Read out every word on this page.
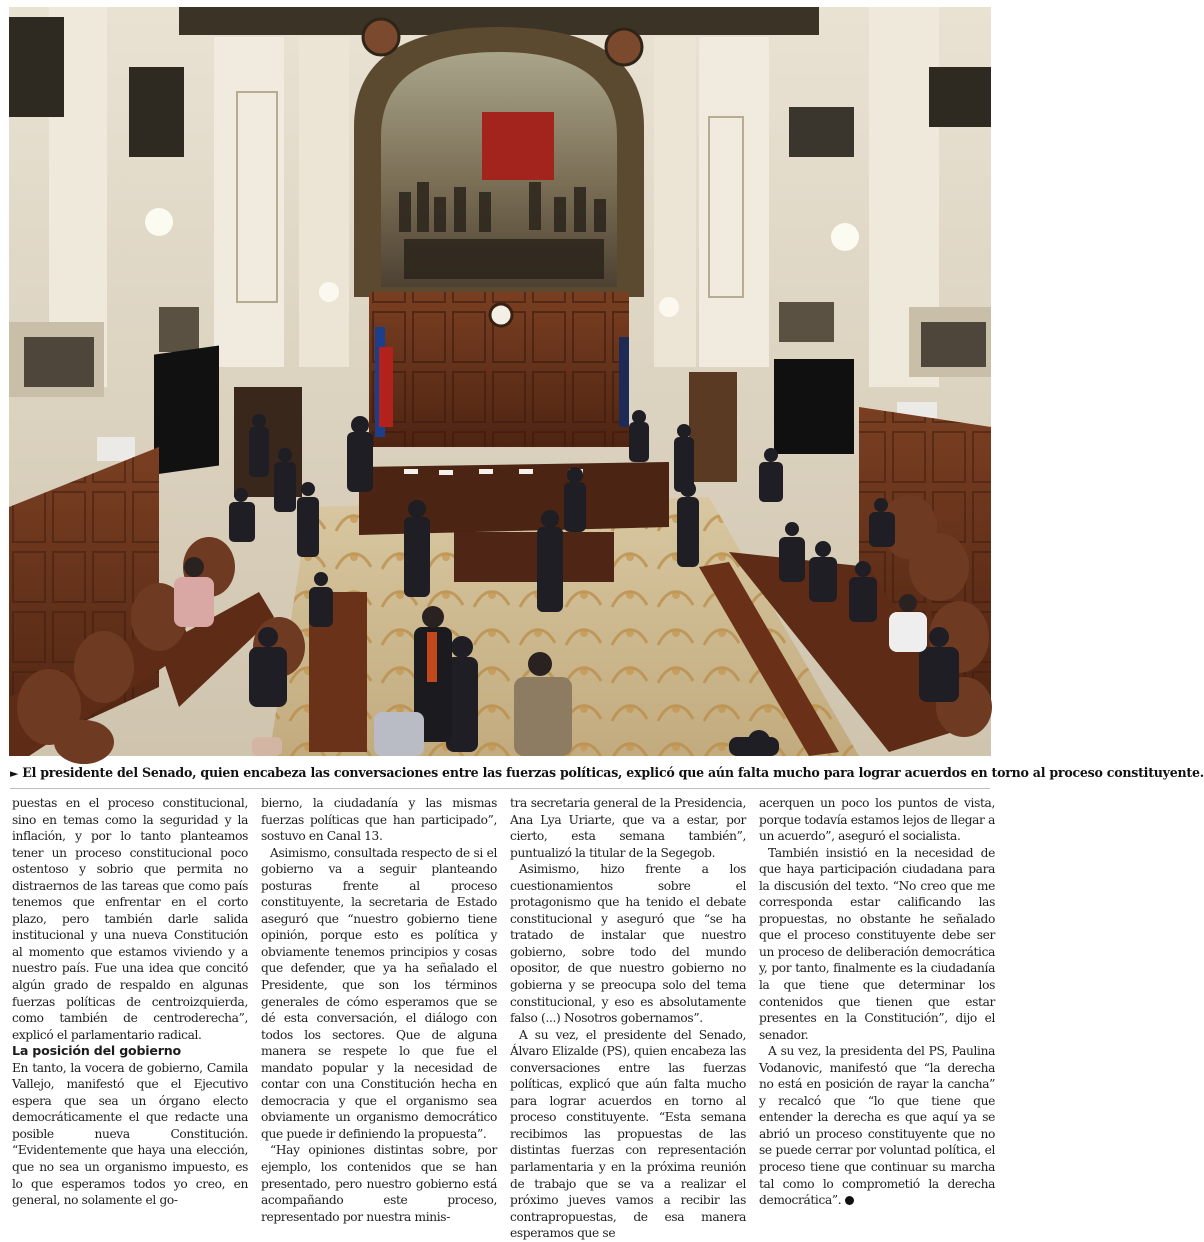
► El presidente del Senado, quien encabeza las conversaciones entre las fuerzas políticas, explicó que aún falta mucho para lograr acuerdos en torno al proceso constituyente.

puestas en el proceso constitucional, sino en temas como la seguridad y la inflación, y por lo tanto planteamos tener un proceso constitucional poco ostentoso y sobrio que permita no distraernos de las tareas que como país tenemos que enfrentar en el corto plazo, pero también darle salida institucional y una nueva Constitución al momento que estamos viviendo y a nuestro país. Fue una idea que concitó algún grado de respaldo en algunas fuerzas políticas de centroizquierda, como también de centroderecha”, explicó el parlamentario radical.

La posición del gobierno

En tanto, la vocera de gobierno, Camila Vallejo, manifestó que el Ejecutivo espera que sea un órgano electo democráticamente el que redacte una posible nueva Constitución. “Evidentemente que haya una elección, que no sea un organismo impuesto, es lo que esperamos todos yo creo, en general, no solamente el go-

bierno, la ciudadanía y las mismas fuerzas políticas que han participado”, sostuvo en Canal 13.

Asimismo, consultada respecto de si el gobierno va a seguir planteando posturas frente al proceso constituyente, la secretaria de Estado aseguró que “nuestro gobierno tiene opinión, porque esto es política y obviamente tenemos principios y cosas que defender, que ya ha señalado el Presidente, que son los términos generales de cómo esperamos que se dé esta conversación, el diálogo con todos los sectores. Que de alguna manera se respete lo que fue el mandato popular y la necesidad de contar con una Constitución hecha en democracia y que el organismo sea obviamente un organismo democrático que puede ir definiendo la propuesta”.

“Hay opiniones distintas sobre, por ejemplo, los contenidos que se han presentado, pero nuestro gobierno está acompañando este proceso, representado por nuestra minis-

tra secretaria general de la Presidencia, Ana Lya Uriarte, que va a estar, por cierto, esta semana también”, puntualizó la titular de la Segegob.

Asimismo, hizo frente a los cuestionamientos sobre el protagonismo que ha tenido el debate constitucional y aseguró que “se ha tratado de instalar que nuestro gobierno, sobre todo del mundo opositor, de que nuestro gobierno no gobierna y se preocupa solo del tema constitucional, y eso es absolutamente falso (...) Nosotros gobernamos”.

A su vez, el presidente del Senado, Álvaro Elizalde (PS), quien encabeza las conversaciones entre las fuerzas políticas, explicó que aún falta mucho para lograr acuerdos en torno al proceso constituyente. “Esta semana recibimos las propuestas de las distintas fuerzas con representación parlamentaria y en la próxima reunión de trabajo que se va a realizar el próximo jueves vamos a recibir las contrapropuestas, de esa manera esperamos que se

acerquen un poco los puntos de vista, porque todavía estamos lejos de llegar a un acuerdo”, aseguró el socialista.

También insistió en la necesidad de que haya participación ciudadana para la discusión del texto. “No creo que me corresponda estar calificando las propuestas, no obstante he señalado que el proceso constituyente debe ser un proceso de deliberación democrática y, por tanto, finalmente es la ciudadanía la que tiene que determinar los contenidos que tienen que estar presentes en la Constitución”, dijo el senador.

A su vez, la presidenta del PS, Paulina Vodanovic, manifestó que “la derecha no está en posición de rayar la cancha” y recalcó que “lo que tiene que entender la derecha es que aquí ya se abrió un proceso constituyente que no se puede cerrar por voluntad política, el proceso tiene que continuar su marcha tal como lo comprometió la derecha democrática”.
